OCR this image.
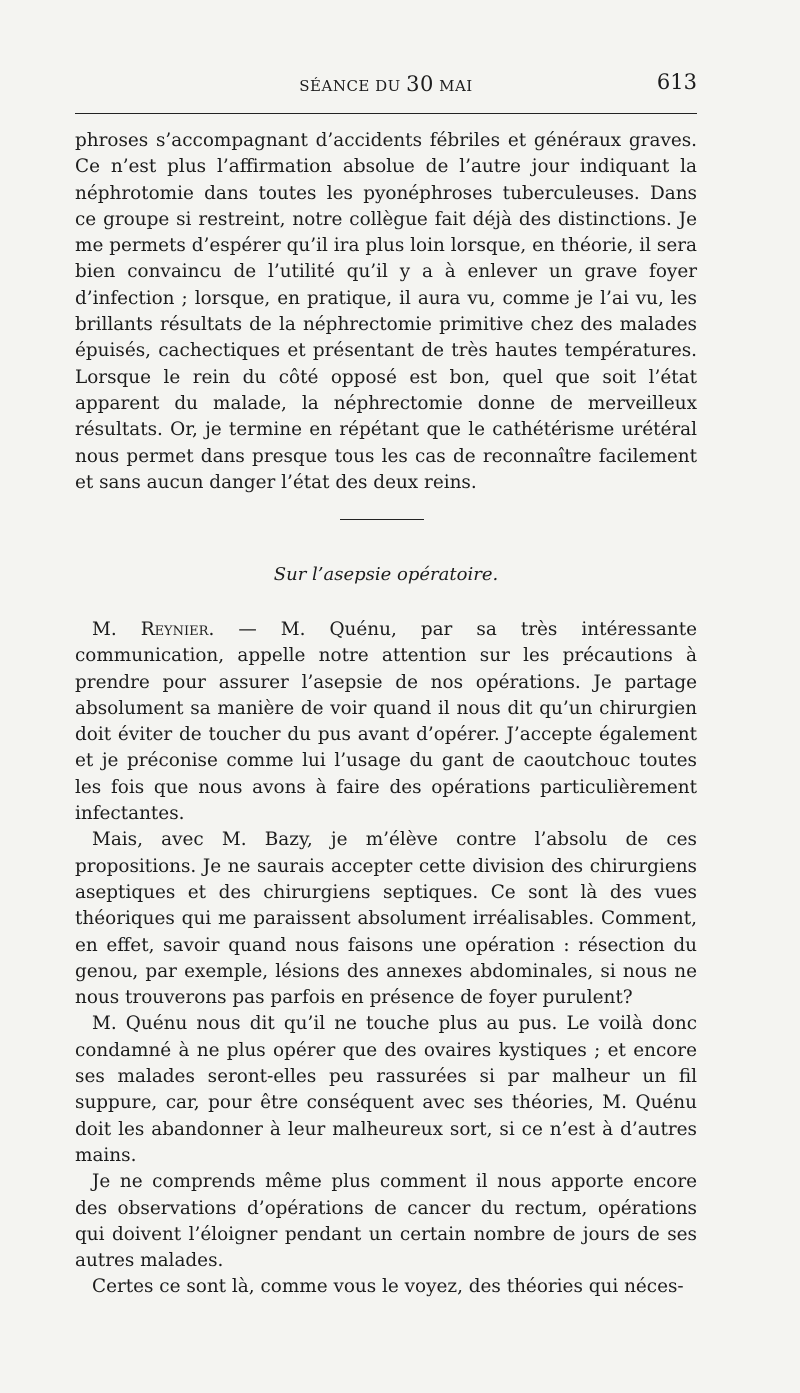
SÉANCE DU 30 MAI	613

phroses s’accompagnant d’accidents fébriles et généraux graves. Ce n’est plus l’affirmation absolue de l’autre jour indiquant la néphrotomie dans toutes les pyonéphroses tuberculeuses. Dans ce groupe si restreint, notre collègue fait déjà des distinctions. Je me permets d’espérer qu’il ira plus loin lorsque, en théorie, il sera bien convaincu de l’utilité qu’il y a à enlever un grave foyer d’infection ; lorsque, en pratique, il aura vu, comme je l’ai vu, les brillants résultats de la néphrectomie primitive chez des malades épuisés, cachectiques et présentant de très hautes températures. Lorsque le rein du côté opposé est bon, quel que soit l’état apparent du malade, la néphrectomie donne de merveilleux résultats. Or, je termine en répétant que le cathétérisme urétéral nous permet dans presque tous les cas de reconnaître facilement et sans aucun danger l’état des deux reins.

Sur l’asepsie opératoire.

M. Reynier. — M. Quénu, par sa très intéressante communication, appelle notre attention sur les précautions à prendre pour assurer l’asepsie de nos opérations. Je partage absolument sa manière de voir quand il nous dit qu’un chirurgien doit éviter de toucher du pus avant d’opérer. J’accepte également et je préconise comme lui l’usage du gant de caoutchouc toutes les fois que nous avons à faire des opérations particulièrement infectantes.

Mais, avec M. Bazy, je m’élève contre l’absolu de ces propositions. Je ne saurais accepter cette division des chirurgiens aseptiques et des chirurgiens septiques. Ce sont là des vues théoriques qui me paraissent absolument irréalisables. Comment, en effet, savoir quand nous faisons une opération : résection du genou, par exemple, lésions des annexes abdominales, si nous ne nous trouverons pas parfois en présence de foyer purulent?

M. Quénu nous dit qu’il ne touche plus au pus. Le voilà donc condamné à ne plus opérer que des ovaires kystiques ; et encore ses malades seront-elles peu rassurées si par malheur un fil suppure, car, pour être conséquent avec ses théories, M. Quénu doit les abandonner à leur malheureux sort, si ce n’est à d’autres mains.

Je ne comprends même plus comment il nous apporte encore des observations d’opérations de cancer du rectum, opérations qui doivent l’éloigner pendant un certain nombre de jours de ses autres malades.

Certes ce sont là, comme vous le voyez, des théories qui néces-
